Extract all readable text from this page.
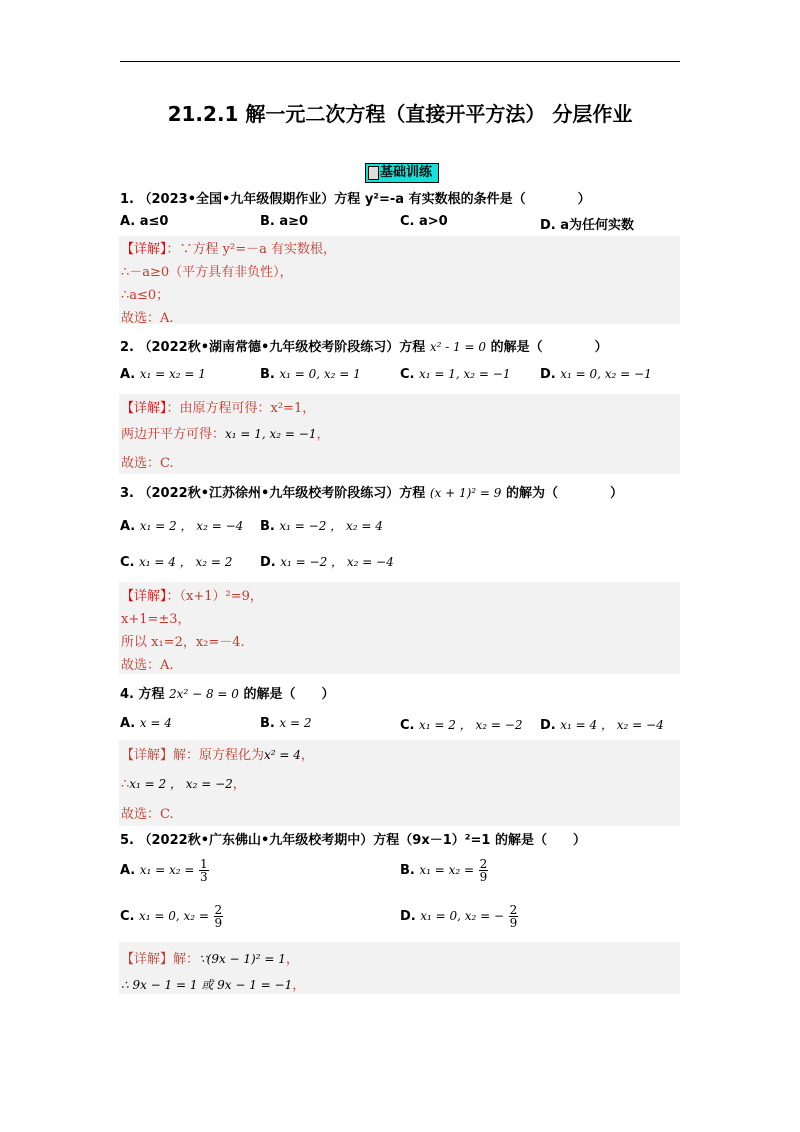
21.2.1 解一元二次方程（直接开平方法） 分层作业
基础训练
1. （2023•全国•九年级假期作业）方程 y²=-a 有实数根的条件是（　　　　）
A. a≤0	B. a≥0	C. a>0	D. a为任何实数
【详解】：∵方程 y²=－a 有实数根，
∴－a≥0（平方具有非负性），
∴a≤0；
故选：A.
2. （2022秋•湖南常德•九年级校考阶段练习）方程 x² - 1 = 0 的解是（　　　　）
A. x₁ = x₂ = 1	B. x₁ = 0, x₂ = 1	C. x₁ = 1, x₂ = −1 D. x₁ = 0, x₂ = −1
【详解】：由原方程可得：x²=1，
两边开平方可得：x₁ = 1, x₂ = −1，
故选：C.
3. （2022秋•江苏徐州•九年级校考阶段练习）方程 (x + 1)² = 9 的解为（　　　　）
A. x₁ = 2 ， x₂ = −4 B. x₁ = −2 ， x₂ = 4
C. x₁ = 4 ， x₂ = 2 D. x₁ = −2 ， x₂ = −4
【详解】：（x+1）²=9，
x+1=±3，
所以 x₁=2，x₂=－4.
故选：A.
4. 方程 2x² − 8 = 0 的解是（　　）
A. x = 4	B. x = 2	C. x₁ = 2 ， x₂ = −2 D. x₁ = 4 ， x₂ = −4
【详解】解：原方程化为x² = 4，
∴x₁ = 2 ， x₂ = −2，
故选：C.
5. （2022秋•广东佛山•九年级校考期中）方程（9x－1）²=1 的解是（　　）
A. $x_1 = x_2 = \frac{1}{3}$	B. $x_1 = x_2 = \frac{2}{9}$
C. x₁ = 0, $x_2 = \frac{2}{9}$	D. x₁ = 0, x₂ = − $\frac{2}{9}$
【详解】解：∵(9x − 1)² = 1，
∴ 9x − 1 = 1 或 9x − 1 = −1，
